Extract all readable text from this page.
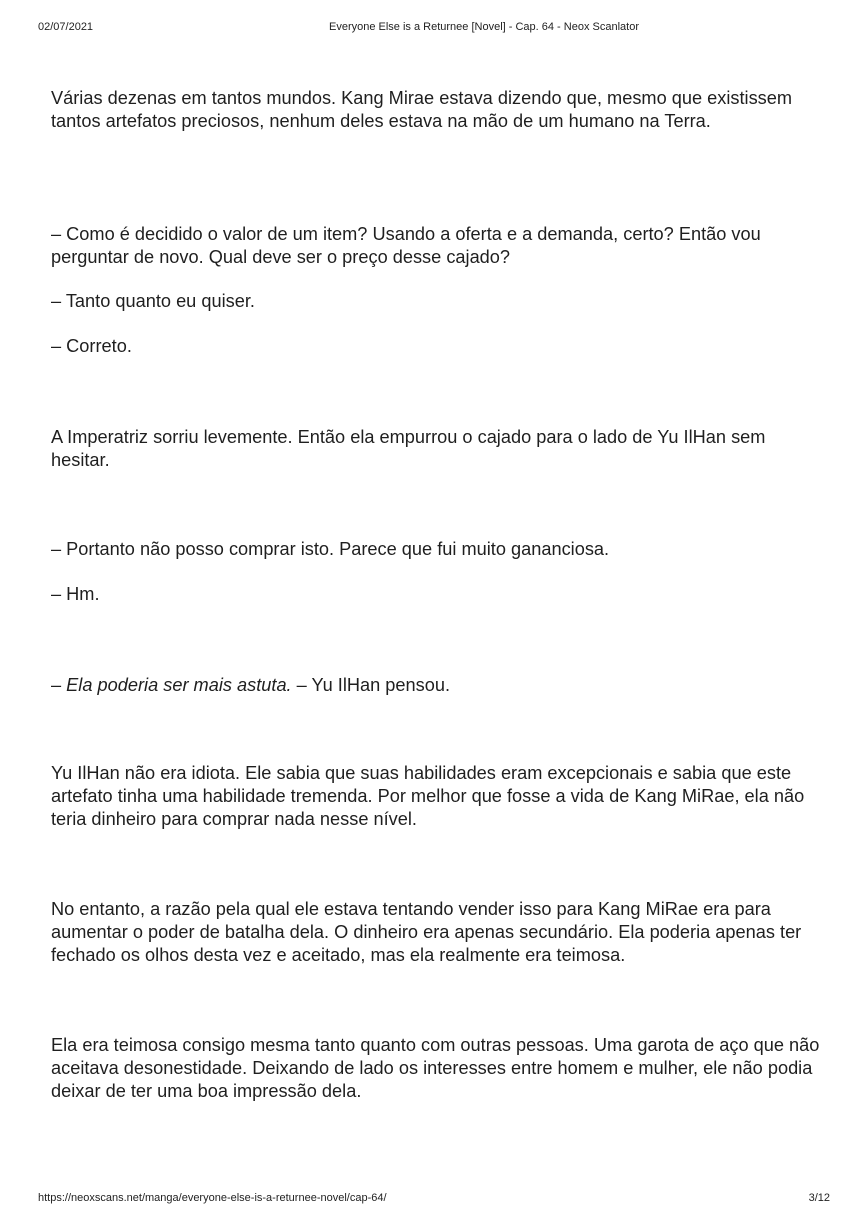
02/07/2021	Everyone Else is a Returnee [Novel] - Cap. 64 - Neox Scanlator

Várias dezenas em tantos mundos. Kang Mirae estava dizendo que, mesmo que existissem tantos artefatos preciosos, nenhum deles estava na mão de um humano na Terra.

– Como é decidido o valor de um item? Usando a oferta e a demanda, certo? Então vou perguntar de novo. Qual deve ser o preço desse cajado?

– Tanto quanto eu quiser.

– Correto.

A Imperatriz sorriu levemente. Então ela empurrou o cajado para o lado de Yu IlHan sem hesitar.

– Portanto não posso comprar isto. Parece que fui muito gananciosa.

– Hm.

– Ela poderia ser mais astuta. – Yu IlHan pensou.

Yu IlHan não era idiota. Ele sabia que suas habilidades eram excepcionais e sabia que este artefato tinha uma habilidade tremenda. Por melhor que fosse a vida de Kang MiRae, ela não teria dinheiro para comprar nada nesse nível.

No entanto, a razão pela qual ele estava tentando vender isso para Kang MiRae era para aumentar o poder de batalha dela. O dinheiro era apenas secundário. Ela poderia apenas ter fechado os olhos desta vez e aceitado, mas ela realmente era teimosa.

Ela era teimosa consigo mesma tanto quanto com outras pessoas. Uma garota de aço que não aceitava desonestidade. Deixando de lado os interesses entre homem e mulher, ele não podia deixar de ter uma boa impressão dela.

https://neoxscans.net/manga/everyone-else-is-a-returnee-novel/cap-64/	3/12
